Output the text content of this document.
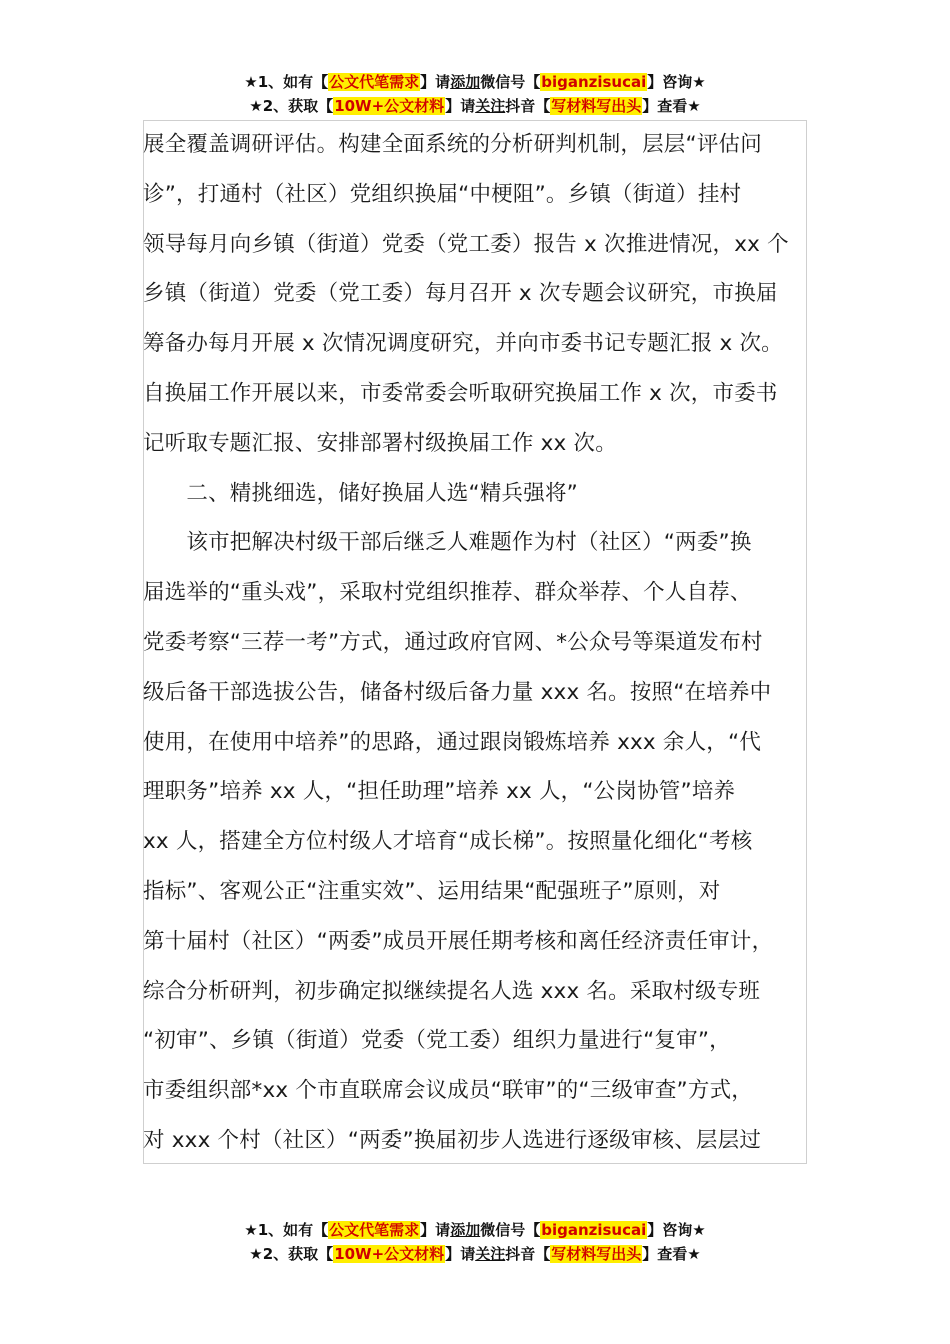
★1、如有【公文代笔需求】请添加微信号【biganzisucai】咨询★
★2、获取【10W+公文材料】请关注抖音【写材料写出头】查看★
展全覆盖调研评估。构建全面系统的分析研判机制，层层“评估问
诊”，打通村（社区）党组织换届“中梗阻”。乡镇（街道）挂村
领导每月向乡镇（街道）党委（党工委）报告 x 次推进情况，xx 个
乡镇（街道）党委（党工委）每月召开 x 次专题会议研究，市换届
筹备办每月开展 x 次情况调度研究，并向市委书记专题汇报 x 次。
自换届工作开展以来，市委常委会听取研究换届工作 x 次，市委书
记听取专题汇报、安排部署村级换届工作 xx 次。
　　二、精挑细选，储好换届人选“精兵强将”
　　该市把解决村级干部后继乏人难题作为村（社区）“两委”换
届选举的“重头戏”，采取村党组织推荐、群众举荐、个人自荐、
党委考察“三荐一考”方式，通过政府官网、*公众号等渠道发布村
级后备干部选拔公告，储备村级后备力量 xxx 名。按照“在培养中
使用，在使用中培养”的思路，通过跟岗锻炼培养 xxx 余人，“代
理职务”培养 xx 人，“担任助理”培养 xx 人，“公岗协管”培养
xx 人，搭建全方位村级人才培育“成长梯”。按照量化细化“考核
指标”、客观公正“注重实效”、运用结果“配强班子”原则，对
第十届村（社区）“两委”成员开展任期考核和离任经济责任审计，
综合分析研判，初步确定拟继续提名人选 xxx 名。采取村级专班
“初审”、乡镇（街道）党委（党工委）组织力量进行“复审”，
市委组织部*xx 个市直联席会议成员“联审”的“三级审查”方式，
对 xxx 个村（社区）“两委”换届初步人选进行逐级审核、层层过
★1、如有【公文代笔需求】请添加微信号【biganzisucai】咨询★
★2、获取【10W+公文材料】请关注抖音【写材料写出头】查看★
